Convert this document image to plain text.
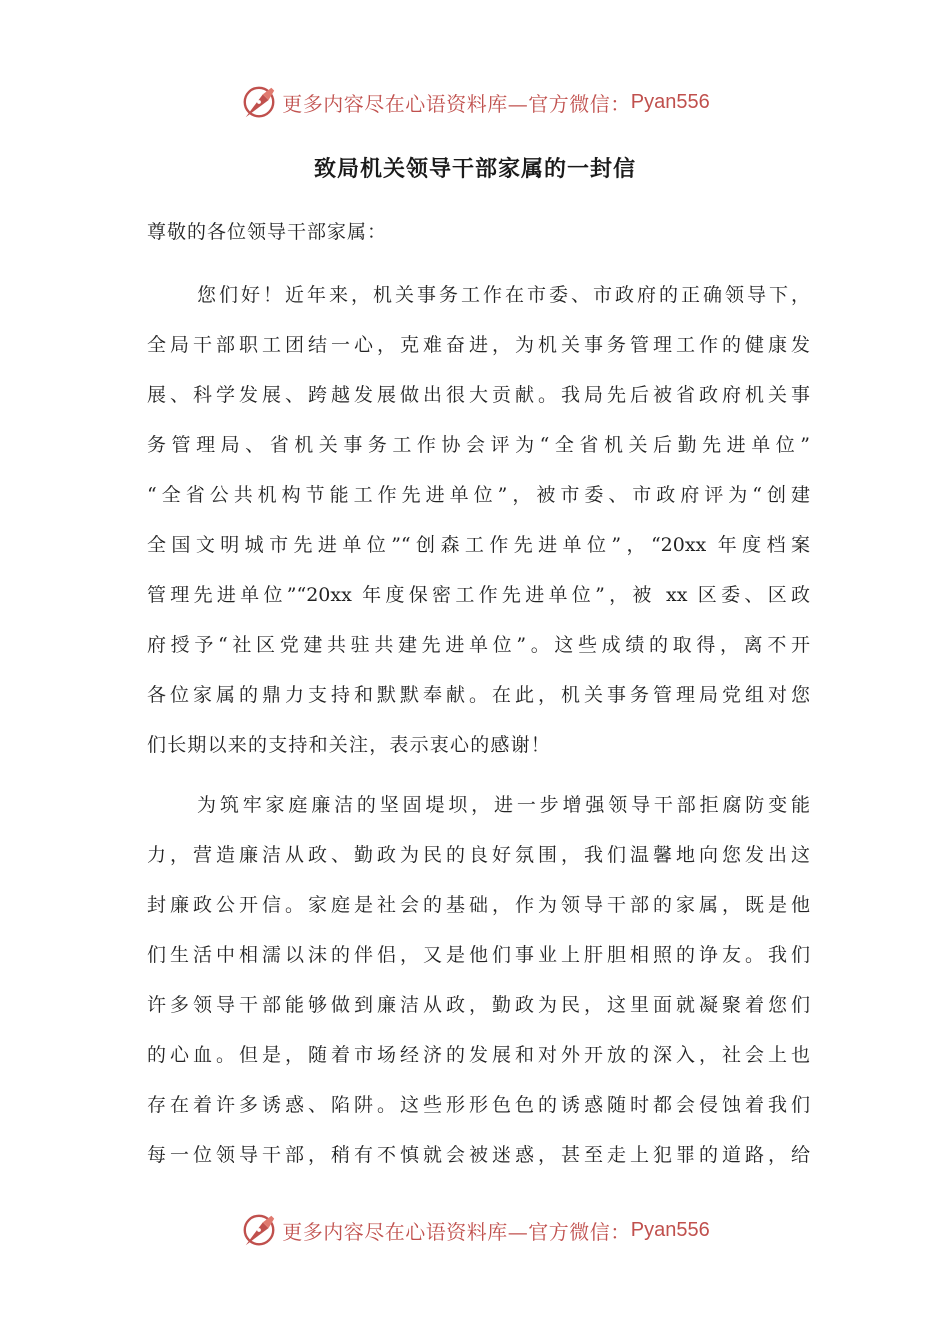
更多内容尽在心语资料库—官方微信： Pyan556
致局机关领导干部家属的一封信
尊敬的各位领导干部家属：
您们好！近年来，机关事务工作在市委、市政府的正确领导下，
全局干部职工团结一心，克难奋进，为机关事务管理工作的健康发
展、科学发展、跨越发展做出很大贡献。我局先后被省政府机关事
务管理局、省机关事务工作协会评为“全省机关后勤先进单位”
“全省公共机构节能工作先进单位”，被市委、市政府评为“创建
全国文明城市先进单位”“创森工作先进单位”，“20xx 年度档案
管理先进单位”“20xx 年度保密工作先进单位”，被 xx 区委、区政
府授予“社区党建共驻共建先进单位”。这些成绩的取得，离不开
各位家属的鼎力支持和默默奉献。在此，机关事务管理局党组对您
们长期以来的支持和关注，表示衷心的感谢！
为筑牢家庭廉洁的坚固堤坝，进一步增强领导干部拒腐防变能
力，营造廉洁从政、勤政为民的良好氛围，我们温馨地向您发出这
封廉政公开信。家庭是社会的基础，作为领导干部的家属，既是他
们生活中相濡以沫的伴侣，又是他们事业上肝胆相照的诤友。我们
许多领导干部能够做到廉洁从政，勤政为民，这里面就凝聚着您们
的心血。但是，随着市场经济的发展和对外开放的深入，社会上也
存在着许多诱惑、陷阱。这些形形色色的诱惑随时都会侵蚀着我们
每一位领导干部，稍有不慎就会被迷惑，甚至走上犯罪的道路，给
更多内容尽在心语资料库—官方微信： Pyan556
